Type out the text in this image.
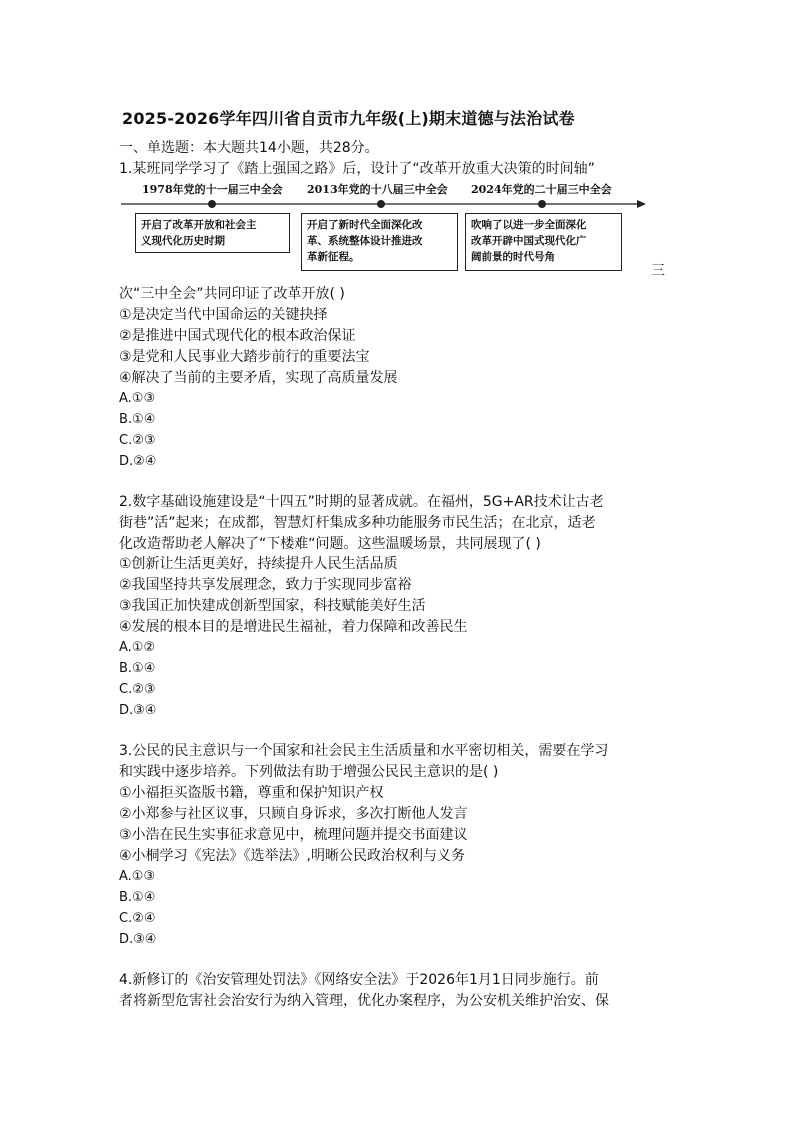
2025-2026学年四川省自贡市九年级(上)期末道德与法治试卷
一、单选题：本大题共14小题，共28分。
1.某班同学学习了《踏上强国之路》后，设计了“改革开放重大决策的时间轴”
1978年党的十一届三中全会 2013年党的十八届三中全会 2024年党的二十届三中全会
开启了改革开放和社会主
义现代化历史时期
开启了新时代全面深化改
革、系统整体设计推进改
革新征程。
吹响了以进一步全面深化
改革开辟中国式现代化广
阔前景的时代号角
三
次“三中全会”共同印证了改革开放( )
①是决定当代中国命运的关键抉择
②是推进中国式现代化的根本政治保证
③是党和人民事业大踏步前行的重要法宝
④解决了当前的主要矛盾，实现了高质量发展
A.①③
B.①④
C.②③
D.②④
2.数字基础设施建设是“十四五”时期的显著成就。在福州，5G+AR技术让古老
街巷”活”起来；在成都，智慧灯杆集成多种功能服务市民生活；在北京，适老
化改造帮助老人解决了“下楼难“问题。这些温暖场景，共同展现了( )
①创新让生活更美好，持续提升人民生活品质
②我国坚持共享发展理念，致力于实现同步富裕
③我国正加快建成创新型国家，科技赋能美好生活
④发展的根本目的是增进民生福祉，着力保障和改善民生
A.①②
B.①④
C.②③
D.③④
3.公民的民主意识与一个国家和社会民主生活质量和水平密切相关，需要在学习
和实践中逐步培养。下列做法有助于增强公民民主意识的是( )
①小福拒买盗版书籍，尊重和保护知识产权
②小郑参与社区议事，只顾自身诉求，多次打断他人发言
③小浩在民生实事征求意见中，梳理问题并提交书面建议
④小桐学习《宪法》《选举法》,明晰公民政治权利与义务
A.①③
B.①④
C.②④
D.③④
4.新修订的《治安管理处罚法》《网络安全法》于2026年1月1日同步施行。前
者将新型危害社会治安行为纳入管理，优化办案程序，为公安机关维护治安、保
